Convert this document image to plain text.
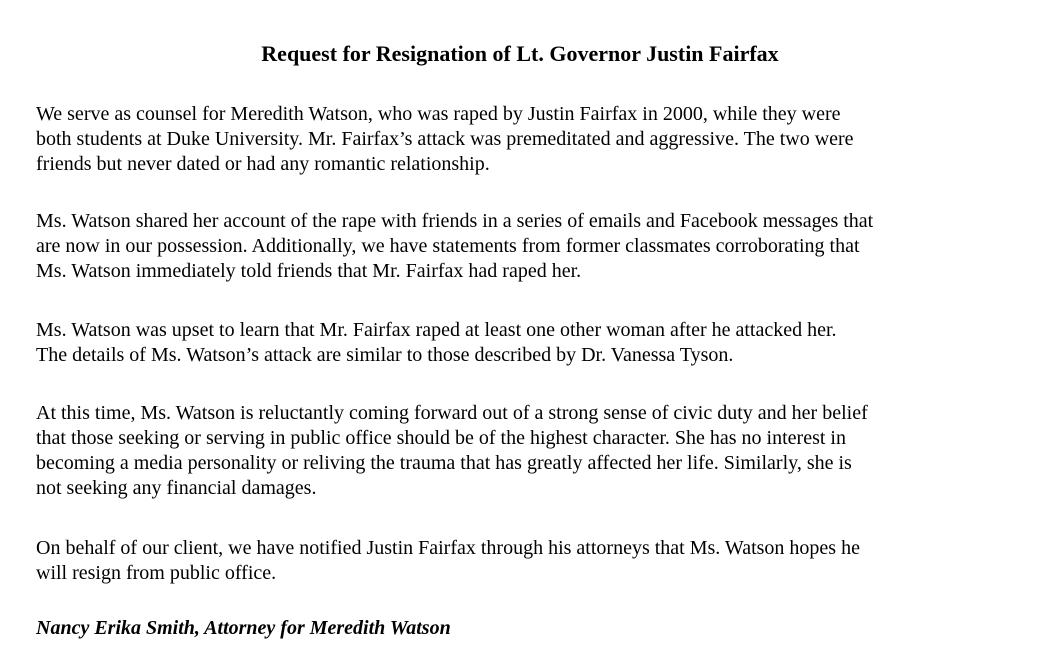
Request for Resignation of Lt. Governor Justin Fairfax
We serve as counsel for Meredith Watson, who was raped by Justin Fairfax in 2000, while they were
both students at Duke University. Mr. Fairfax’s attack was premeditated and aggressive. The two were
friends but never dated or had any romantic relationship.
Ms. Watson shared her account of the rape with friends in a series of emails and Facebook messages that
are now in our possession. Additionally, we have statements from former classmates corroborating that
Ms. Watson immediately told friends that Mr. Fairfax had raped her.
Ms. Watson was upset to learn that Mr. Fairfax raped at least one other woman after he attacked her.
The details of Ms. Watson’s attack are similar to those described by Dr. Vanessa Tyson.
At this time, Ms. Watson is reluctantly coming forward out of a strong sense of civic duty and her belief
that those seeking or serving in public office should be of the highest character. She has no interest in
becoming a media personality or reliving the trauma that has greatly affected her life. Similarly, she is
not seeking any financial damages.
On behalf of our client, we have notified Justin Fairfax through his attorneys that Ms. Watson hopes he
will resign from public office.
Nancy Erika Smith, Attorney for Meredith Watson
